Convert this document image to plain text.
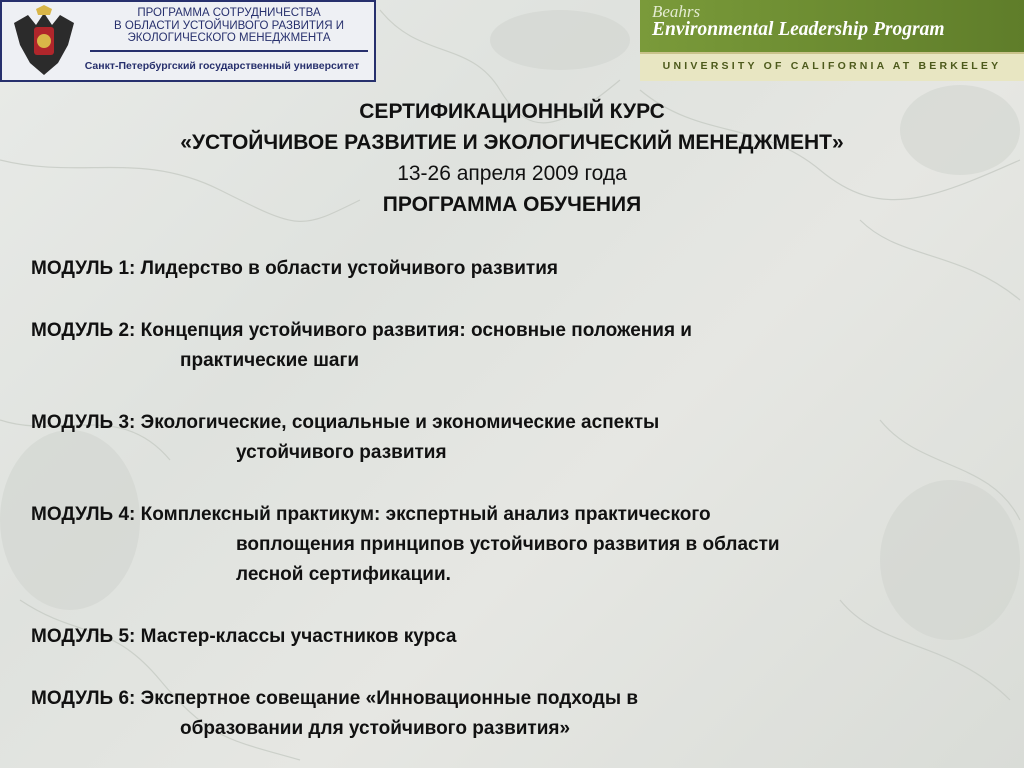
ПРОГРАММА СОТРУДНИЧЕСТВА
В ОБЛАСТИ УСТОЙЧИВОГО РАЗВИТИЯ И
ЭКОЛОГИЧЕСКОГО МЕНЕДЖМЕНТА
Санкт-Петербургский государственный университет
Beahrs
Environmental Leadership Program
UNIVERSITY OF CALIFORNIA AT BERKELEY
СЕРТИФИКАЦИОННЫЙ КУРС
«УСТОЙЧИВОЕ РАЗВИТИЕ И ЭКОЛОГИЧЕСКИЙ МЕНЕДЖМЕНТ»
13-26 апреля 2009 года
ПРОГРАММА ОБУЧЕНИЯ
МОДУЛЬ 1: Лидерство в области устойчивого развития
МОДУЛЬ 2: Концепция устойчивого развития: основные положения и
практические шаги
МОДУЛЬ 3: Экологические, социальные и экономические аспекты
устойчивого развития
МОДУЛЬ 4: Комплексный практикум: экспертный анализ практического
воплощения принципов устойчивого развития в области
лесной сертификации.
МОДУЛЬ 5: Мастер-классы участников курса
МОДУЛЬ 6: Экспертное совещание «Инновационные подходы в
образовании для устойчивого развития»
